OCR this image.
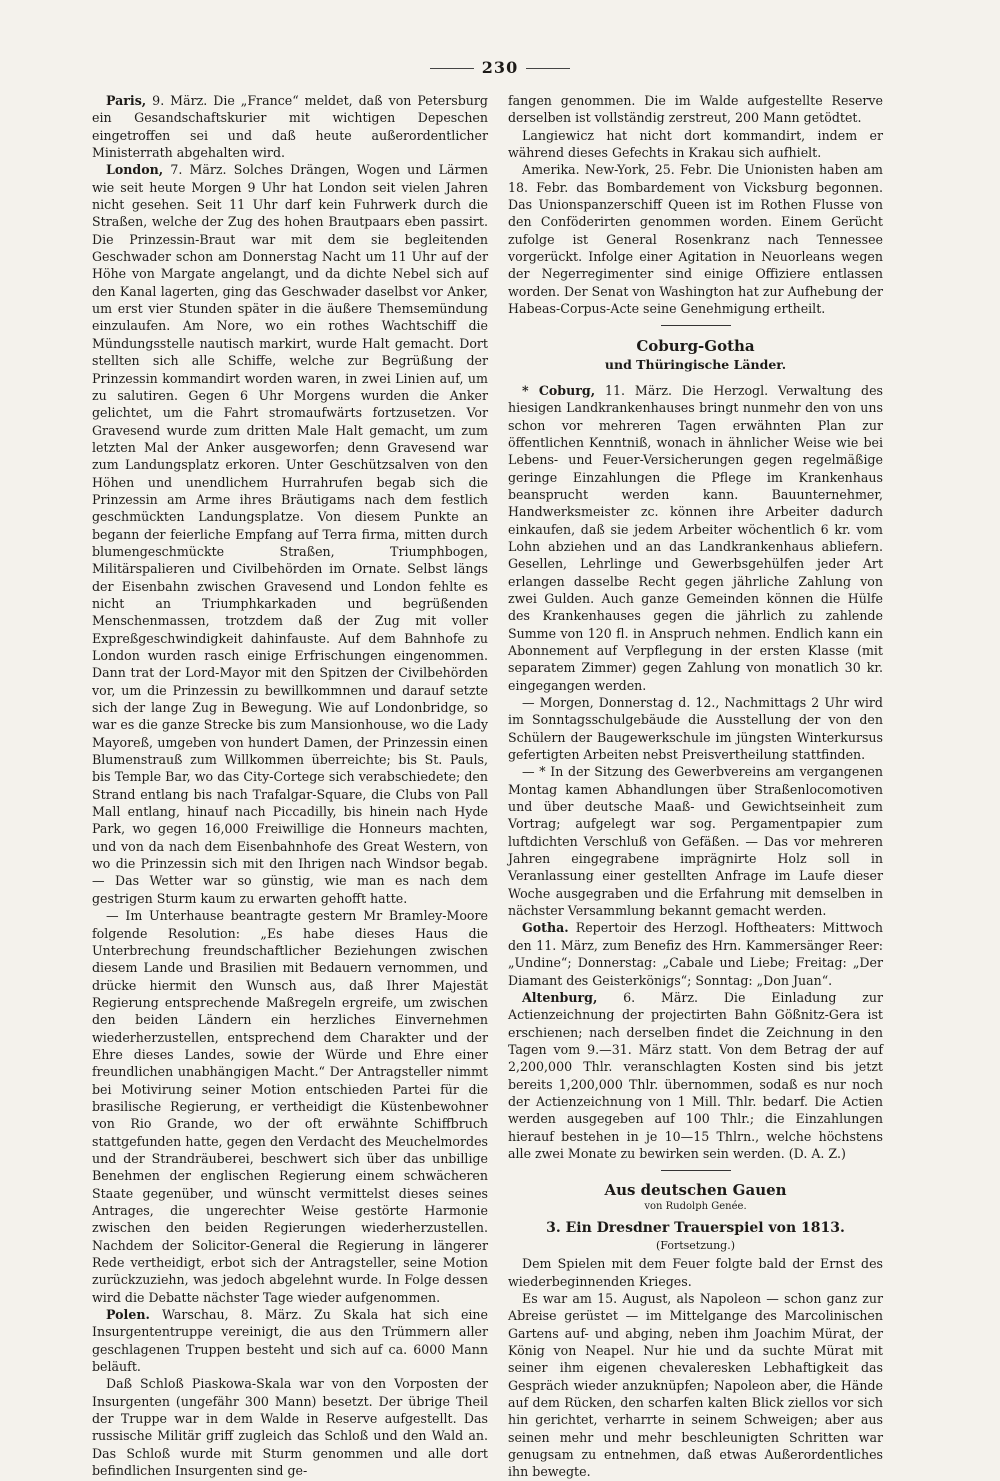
230

Paris, 9. März. Die „France“ meldet, daß von Petersburg ein Gesandschaftskurier mit wichtigen Depeschen eingetroffen sei und daß heute außerordentlicher Ministerrath abgehalten wird.

London, 7. März. Solches Drängen, Wogen und Lärmen wie seit heute Morgen 9 Uhr hat London seit vielen Jahren nicht gesehen. Seit 11 Uhr darf kein Fuhrwerk durch die Straßen, welche der Zug des hohen Brautpaars eben passirt. Die Prinzessin-Braut war mit dem sie begleitenden Geschwader schon am Donnerstag Nacht um 11 Uhr auf der Höhe von Margate angelangt, und da dichte Nebel sich auf den Kanal lagerten, ging das Geschwader daselbst vor Anker, um erst vier Stunden später in die äußere Themsemündung einzulaufen. Am Nore, wo ein rothes Wachtschiff die Mündungsstelle nautisch markirt, wurde Halt gemacht. Dort stellten sich alle Schiffe, welche zur Begrüßung der Prinzessin kommandirt worden waren, in zwei Linien auf, um zu salutiren. Gegen 6 Uhr Morgens wurden die Anker gelichtet, um die Fahrt stromaufwärts fortzusetzen. Vor Gravesend wurde zum dritten Male Halt gemacht, um zum letzten Mal der Anker ausgeworfen; denn Gravesend war zum Landungsplatz erkoren. Unter Geschützsalven von den Höhen und unendlichem Hurrahrufen begab sich die Prinzessin am Arme ihres Bräutigams nach dem festlich geschmückten Landungsplatze. Von diesem Punkte an begann der feierliche Empfang auf Terra firma, mitten durch blumengeschmückte Straßen, Triumphbogen, Militärspalieren und Civilbehörden im Ornate. Selbst längs der Eisenbahn zwischen Gravesend und London fehlte es nicht an Triumphkarkaden und begrüßenden Menschenmassen, trotzdem daß der Zug mit voller Expreßgeschwindigkeit dahinfauste. Auf dem Bahnhofe zu London wurden rasch einige Erfrischungen eingenommen. Dann trat der Lord-Mayor mit den Spitzen der Civilbehörden vor, um die Prinzessin zu bewillkommnen und darauf setzte sich der lange Zug in Bewegung. Wie auf Londonbridge, so war es die ganze Strecke bis zum Mansionhouse, wo die Lady Mayoreß, umgeben von hundert Damen, der Prinzessin einen Blumenstrauß zum Willkommen überreichte; bis St. Pauls, bis Temple Bar, wo das City-Cortege sich verabschiedete; den Strand entlang bis nach Trafalgar-Square, die Clubs von Pall Mall entlang, hinauf nach Piccadilly, bis hinein nach Hyde Park, wo gegen 16,000 Freiwillige die Honneurs machten, und von da nach dem Eisenbahnhofe des Great Western, von wo die Prinzessin sich mit den Ihrigen nach Windsor begab. — Das Wetter war so günstig, wie man es nach dem gestrigen Sturm kaum zu erwarten gehofft hatte.

— Im Unterhause beantragte gestern Mr Bramley-Moore folgende Resolution: „Es habe dieses Haus die Unterbrechung freundschaftlicher Beziehungen zwischen diesem Lande und Brasilien mit Bedauern vernommen, und drücke hiermit den Wunsch aus, daß Ihrer Majestät Regierung entsprechende Maßregeln ergreife, um zwischen den beiden Ländern ein herzliches Einvernehmen wiederherzustellen, entsprechend dem Charakter und der Ehre dieses Landes, sowie der Würde und Ehre einer freundlichen unabhängigen Macht.“ Der Antragsteller nimmt bei Motivirung seiner Motion entschieden Partei für die brasilische Regierung, er vertheidigt die Küstenbewohner von Rio Grande, wo der oft erwähnte Schiffbruch stattgefunden hatte, gegen den Verdacht des Meuchelmordes und der Strandräuberei, beschwert sich über das unbillige Benehmen der englischen Regierung einem schwächeren Staate gegenüber, und wünscht vermittelst dieses seines Antrages, die ungerechter Weise gestörte Harmonie zwischen den beiden Regierungen wiederherzustellen. Nachdem der Solicitor-General die Regierung in längerer Rede vertheidigt, erbot sich der Antragsteller, seine Motion zurückzuziehn, was jedoch abgelehnt wurde. In Folge dessen wird die Debatte nächster Tage wieder aufgenommen.

Polen. Warschau, 8. März. Zu Skala hat sich eine Insurgententruppe vereinigt, die aus den Trümmern aller geschlagenen Truppen besteht und sich auf ca. 6000 Mann beläuft.

Daß Schloß Piaskowa-Skala war von den Vorposten der Insurgenten (ungefähr 300 Mann) besetzt. Der übrige Theil der Truppe war in dem Walde in Reserve aufgestellt. Das russische Militär griff zugleich das Schloß und den Wald an. Das Schloß wurde mit Sturm genommen und alle dort befindlichen Insurgenten sind ge-

fangen genommen. Die im Walde aufgestellte Reserve derselben ist vollständig zerstreut, 200 Mann getödtet.

Langiewicz hat nicht dort kommandirt, indem er während dieses Gefechts in Krakau sich aufhielt.

Amerika. New-York, 25. Febr. Die Unionisten haben am 18. Febr. das Bombardement von Vicksburg begonnen. Das Unionspanzerschiff Queen ist im Rothen Flusse von den Conföderirten genommen worden. Einem Gerücht zufolge ist General Rosenkranz nach Tennessee vorgerückt. Infolge einer Agitation in Neuorleans wegen der Negerregimenter sind einige Offiziere entlassen worden. Der Senat von Washington hat zur Aufhebung der Habeas-Corpus-Acte seine Genehmigung ertheilt.

Coburg-Gotha
und Thüringische Länder.

* Coburg, 11. März. Die Herzogl. Verwaltung des hiesigen Landkrankenhauses bringt nunmehr den von uns schon vor mehreren Tagen erwähnten Plan zur öffentlichen Kenntniß, wonach in ähnlicher Weise wie bei Lebens- und Feuer-Versicherungen gegen regelmäßige geringe Einzahlungen die Pflege im Krankenhaus beansprucht werden kann. Bauunternehmer, Handwerksmeister zc. können ihre Arbeiter dadurch einkaufen, daß sie jedem Arbeiter wöchentlich 6 kr. vom Lohn abziehen und an das Landkrankenhaus abliefern. Gesellen, Lehrlinge und Gewerbsgehülfen jeder Art erlangen dasselbe Recht gegen jährliche Zahlung von zwei Gulden. Auch ganze Gemeinden können die Hülfe des Krankenhauses gegen die jährlich zu zahlende Summe von 120 fl. in Anspruch nehmen. Endlich kann ein Abonnement auf Verpflegung in der ersten Klasse (mit separatem Zimmer) gegen Zahlung von monatlich 30 kr. eingegangen werden.

— Morgen, Donnerstag d. 12., Nachmittags 2 Uhr wird im Sonntagsschulgebäude die Ausstellung der von den Schülern der Baugewerkschule im jüngsten Winterkursus gefertigten Arbeiten nebst Preisvertheilung stattfinden.

— * In der Sitzung des Gewerbvereins am vergangenen Montag kamen Abhandlungen über Straßenlocomotiven und über deutsche Maaß- und Gewichtseinheit zum Vortrag; aufgelegt war sog. Pergamentpapier zum luftdichten Verschluß von Gefäßen. — Das vor mehreren Jahren eingegrabene imprägnirte Holz soll in Veranlassung einer gestellten Anfrage im Laufe dieser Woche ausgegraben und die Erfahrung mit demselben in nächster Versammlung bekannt gemacht werden.

Gotha. Repertoir des Herzogl. Hoftheaters: Mittwoch den 11. März, zum Benefiz des Hrn. Kammersänger Reer: „Undine“; Donnerstag: „Cabale und Liebe; Freitag: „Der Diamant des Geisterkönigs“; Sonntag: „Don Juan“.

Altenburg, 6. März. Die Einladung zur Actienzeichnung der projectirten Bahn Gößnitz-Gera ist erschienen; nach derselben findet die Zeichnung in den Tagen vom 9.—31. März statt. Von dem Betrag der auf 2,200,000 Thlr. veranschlagten Kosten sind bis jetzt bereits 1,200,000 Thlr. übernommen, sodaß es nur noch der Actienzeichnung von 1 Mill. Thlr. bedarf. Die Actien werden ausgegeben auf 100 Thlr.; die Einzahlungen hierauf bestehen in je 10—15 Thlrn., welche höchstens alle zwei Monate zu bewirken sein werden. (D. A. Z.)

Aus deutschen Gauen
von Rudolph Genée.
3. Ein Dresdner Trauerspiel von 1813.
(Fortsetzung.)

Dem Spielen mit dem Feuer folgte bald der Ernst des wiederbeginnenden Krieges.

Es war am 15. August, als Napoleon — schon ganz zur Abreise gerüstet — im Mittelgange des Marcolinischen Gartens auf- und abging, neben ihm Joachim Mürat, der König von Neapel. Nur hie und da suchte Mürat mit seiner ihm eigenen chevaleresken Lebhaftigkeit das Gespräch wieder anzuknüpfen; Napoleon aber, die Hände auf dem Rücken, den scharfen kalten Blick ziellos vor sich hin gerichtet, verharrte in seinem Schweigen; aber aus seinen mehr und mehr beschleunigten Schritten war genugsam zu entnehmen, daß etwas Außerordentliches ihn bewegte.
